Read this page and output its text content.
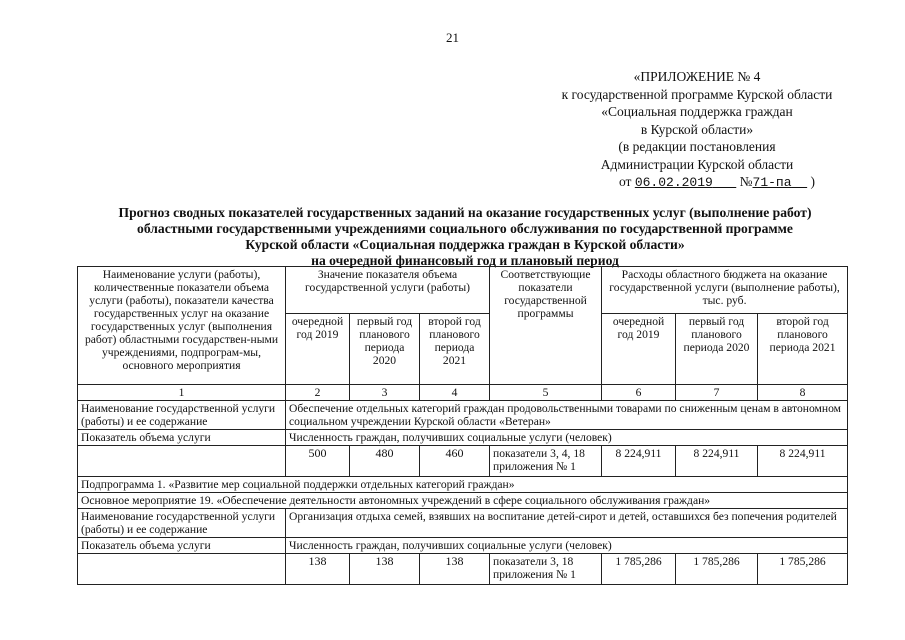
21
«ПРИЛОЖЕНИЕ № 4
к государственной программе Курской области
«Социальная поддержка граждан
в Курской области»
(в редакции постановления
Администрации Курской области
от 06.02.2019 №71-па )
Прогноз сводных показателей государственных заданий на оказание государственных услуг (выполнение работ)
областными государственными учреждениями социального обслуживания по государственной программе
Курской области «Социальная поддержка граждан в Курской области»
на очередной финансовый год и плановый период
Наименование услуги (работы), количественные показатели объема услуги (работы), показатели качества государственных услуг на оказание государственных услуг (выполнения работ) областными государствен-ными учреждениями, подпрограм-мы, основного мероприятия	Значение показателя объема государственной услуги (работы)			Соответствующие показатели государственной программы	Расходы областного бюджета на оказание государственной услуги (выполнение работы), тыс. руб.		
	очередной год 2019	первый год планового периода 2020	второй год планового периода 2021		очередной год 2019	первый год планового периода 2020	второй год планового периода 2021
1	2	3	4	5	6	7	8
Наименование государственной услуги (работы) и ее содержание	Обеспечение отдельных категорий граждан продовольственными товарами по сниженным ценам в автономном социальном учреждении Курской области «Ветеран»						
Показатель объема услуги	Численность граждан, получивших социальные услуги (человек)						
	500	480	460	показатели 3, 4, 18 приложения № 1	8 224,911	8 224,911	8 224,911
Подпрограмма 1. «Развитие мер социальной поддержки отдельных категорий граждан»							
Основное мероприятие 19. «Обеспечение деятельности автономных учреждений в сфере социального обслуживания граждан»							
Наименование государственной услуги (работы) и ее содержание	Организация отдыха семей, взявших на воспитание детей-сирот и детей, оставшихся без попечения родителей						
Показатель объема услуги	Численность граждан, получивших социальные услуги (человек)						
	138	138	138	показатели 3, 18 приложения № 1	1 785,286	1 785,286	1 785,286
